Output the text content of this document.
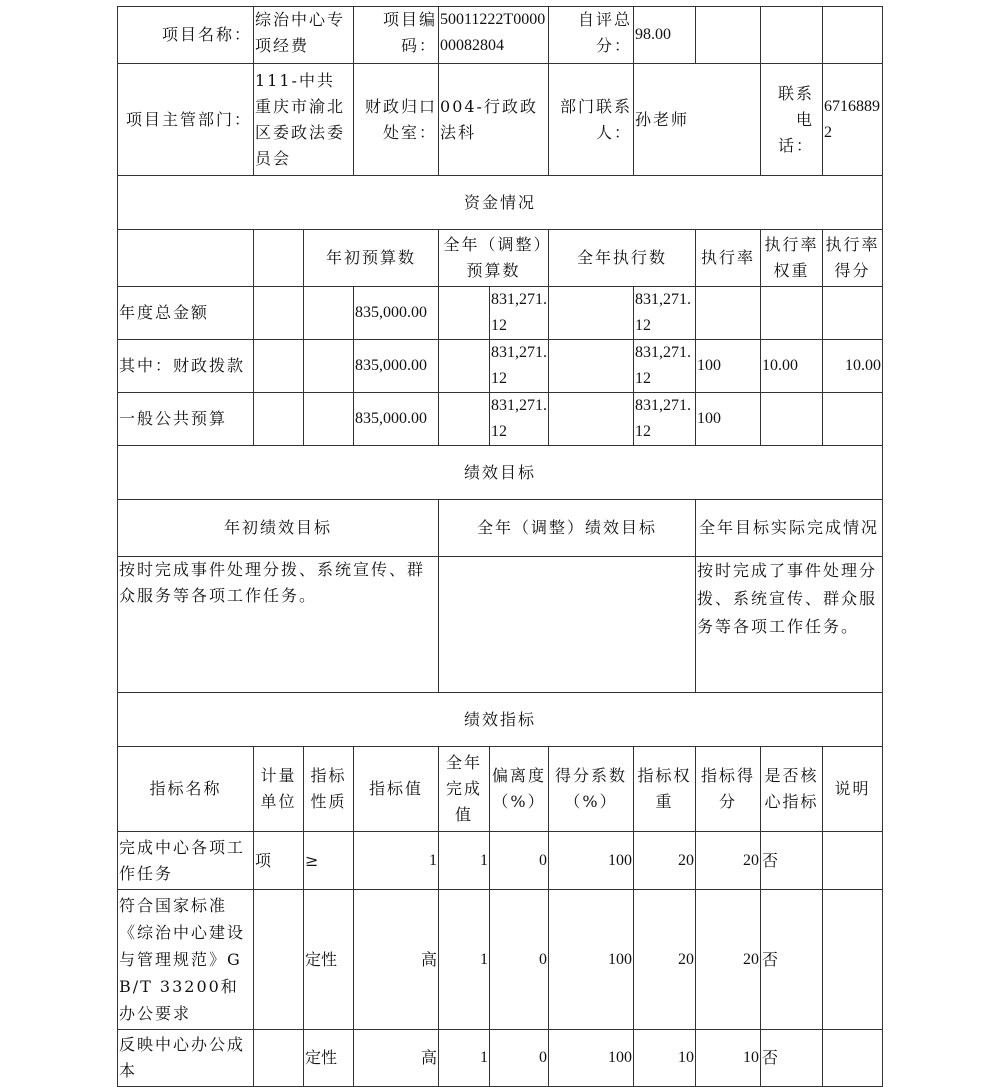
项目名称：	综治中心专项经费		项目编码：	50011222T000000082804		自评总分：	98.00			
项目主管部门：	111-中共重庆市渝北区委政法委员会		财政归口处室：	004-行政政法科		部门联系人：	孙老师		联系电话：	67168892
资金情况										
		年初预算数		全年（调整）预算数		全年执行数		执行率	执行率权重	执行率得分
年度总金额			835,000.00		831,271.12		831,271.12			
其中：财政拨款			835,000.00		831,271.12		831,271.12	100	10.00	10.00
一般公共预算			835,000.00		831,271.12		831,271.12	100		
绩效目标										
年初绩效目标				全年（调整）绩效目标				全年目标实际完成情况		
按时完成事件处理分拨、系统宣传、群众服务等各项工作任务。								按时完成了事件处理分拨、系统宣传、群众服务等各项工作任务。		
绩效指标										
指标名称	计量单位	指标性质	指标值	全年完成值	偏离度（%）	得分系数（%）	指标权重	指标得分	是否核心指标	说明
完成中心各项工作任务	项	≥	1	1	0	100	20	20	否	
符合国家标准《综治中心建设与管理规范》GB/T 33200和办公要求		定性	高	1	0	100	20	20	否	
反映中心办公成本		定性	高	1	0	100	10	10	否	
